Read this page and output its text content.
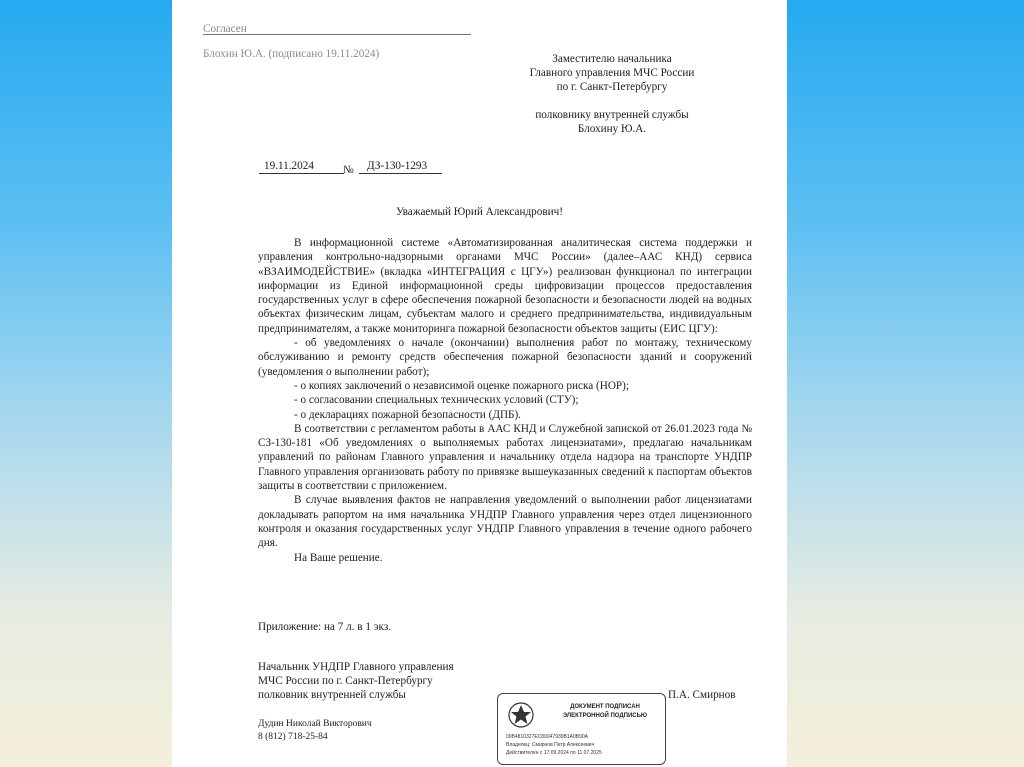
Согласен
Блохин Ю.А. (подписано 19.11.2024)	Заместителю начальника
Главного управления МЧС России
по г. Санкт-Петербургу
полковнику внутренней службы
Блохину Ю.А.
19.11.2024	№ ДЗ-130-1293
Уважаемый Юрий Александрович!

В информационной системе «Автоматизированная аналитическая система поддержки и управления контрольно-надзорными органами МЧС России» (далее–ААС КНД) сервиса «ВЗАИМОДЕЙСТВИЕ» (вкладка «ИНТЕГРАЦИЯ с ЦГУ») реализован функционал по интеграции информации из Единой информационной среды цифровизации процессов предоставления государственных услуг в сфере обеспечения пожарной безопасности и безопасности людей на водных объектах физическим лицам, субъектам малого и среднего предпринимательства, индивидуальным предпринимателям, а также мониторинга пожарной безопасности объектов защиты (ЕИС ЦГУ):

- об уведомлениях о начале (окончании) выполнения работ по монтажу, техническому обслуживанию и ремонту средств обеспечения пожарной безопасности зданий и сооружений (уведомления о выполнении работ);

- о копиях заключений о независимой оценке пожарного риска (НОР);

- о согласовании специальных технических условий (СТУ);

- о декларациях пожарной безопасности (ДПБ).

В соответствии с регламентом работы в ААС КНД и Служебной запиской от 26.01.2023 года № СЗ-130-181 «Об уведомлениях о выполняемых работах лицензиатами», предлагаю начальникам управлений по районам Главного управления и начальнику отдела надзора на транспорте УНДПР Главного управления организовать работу по привязке вышеуказанных сведений к паспортам объектов защиты в соответствии с приложением.

В случае выявления фактов не направления уведомлений о выполнении работ лицензиатами докладывать рапортом на имя начальника УНДПР Главного управления через отдел лицензионного контроля и оказания государственных услуг УНДПР Главного управления в течение одного рабочего дня.

На Ваше решение.

Приложение: на 7 л. в 1 экз.
Начальник УНДПР Главного управления
МЧС России по г. Санкт-Петербургу
полковник внутренней службы	П.А. Смирнов
Дудин Николай Викторович
8 (812) 718-25-84
ДОКУМЕНТ ПОДПИСАН
ЭЛЕКТРОННОЙ ПОДПИСЬЮ
00B4810327EC80047939B1A0B90A
Владелец: Смирнов Петр Алексеевич
Действителен с 17.09.2024 по 11.07.2025
